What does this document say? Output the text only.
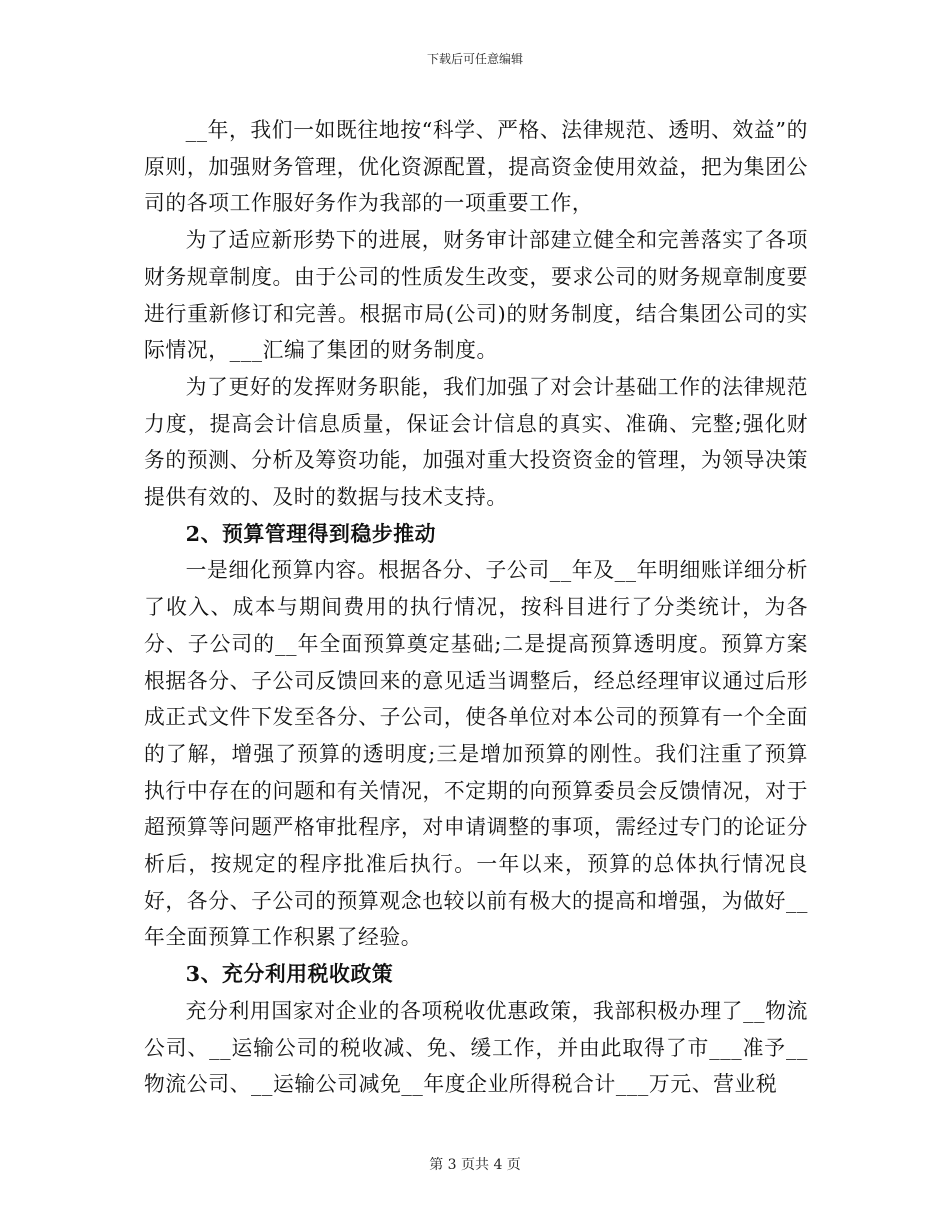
下载后可任意编辑

__年，我们一如既往地按“科学、严格、法律规范、透明、效益”的原则，加强财务管理，优化资源配置，提高资金使用效益，把为集团公司的各项工作服好务作为我部的一项重要工作，

为了适应新形势下的进展，财务审计部建立健全和完善落实了各项财务规章制度。由于公司的性质发生改变，要求公司的财务规章制度要进行重新修订和完善。根据市局(公司)的财务制度，结合集团公司的实际情况，___汇编了集团的财务制度。

为了更好的发挥财务职能，我们加强了对会计基础工作的法律规范力度，提高会计信息质量，保证会计信息的真实、准确、完整;强化财务的预测、分析及筹资功能，加强对重大投资资金的管理，为领导决策提供有效的、及时的数据与技术支持。

2、预算管理得到稳步推动

一是细化预算内容。根据各分、子公司__年及__年明细账详细分析了收入、成本与期间费用的执行情况，按科目进行了分类统计，为各分、子公司的__年全面预算奠定基础;二是提高预算透明度。预算方案根据各分、子公司反馈回来的意见适当调整后，经总经理审议通过后形成正式文件下发至各分、子公司，使各单位对本公司的预算有一个全面的了解，增强了预算的透明度;三是增加预算的刚性。我们注重了预算执行中存在的问题和有关情况，不定期的向预算委员会反馈情况，对于超预算等问题严格审批程序，对申请调整的事项，需经过专门的论证分析后，按规定的程序批准后执行。一年以来，预算的总体执行情况良好，各分、子公司的预算观念也较以前有极大的提高和增强，为做好__年全面预算工作积累了经验。

3、充分利用税收政策

充分利用国家对企业的各项税收优惠政策，我部积极办理了__物流公司、__运输公司的税收减、免、缓工作，并由此取得了市___准予__物流公司、__运输公司减免__年度企业所得税合计___万元、营业税

第 3 页共 4 页
